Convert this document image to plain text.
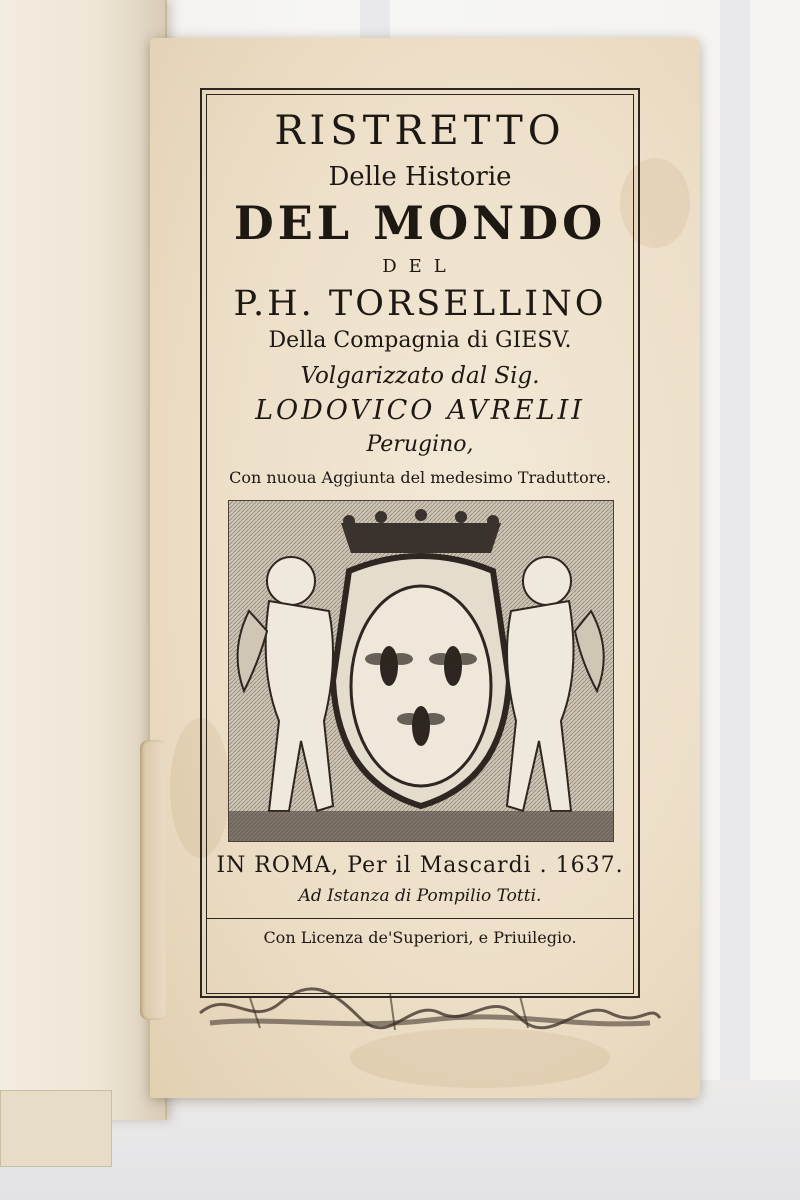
RISTRETTO
Delle Historie
DEL MONDO
DEL
P.H. TORSELLINO
Della Compagnia di GIESV.
Volgarizzato dal Sig.
LODOVICO AVRELII
Perugino,
Con nuoua Aggiunta del medesimo Traduttore.
IN ROMA, Per il Mascardi . 1637.
Ad Istanza di Pompilio Totti.
Con Licenza de'Superiori, e Priuilegio.
